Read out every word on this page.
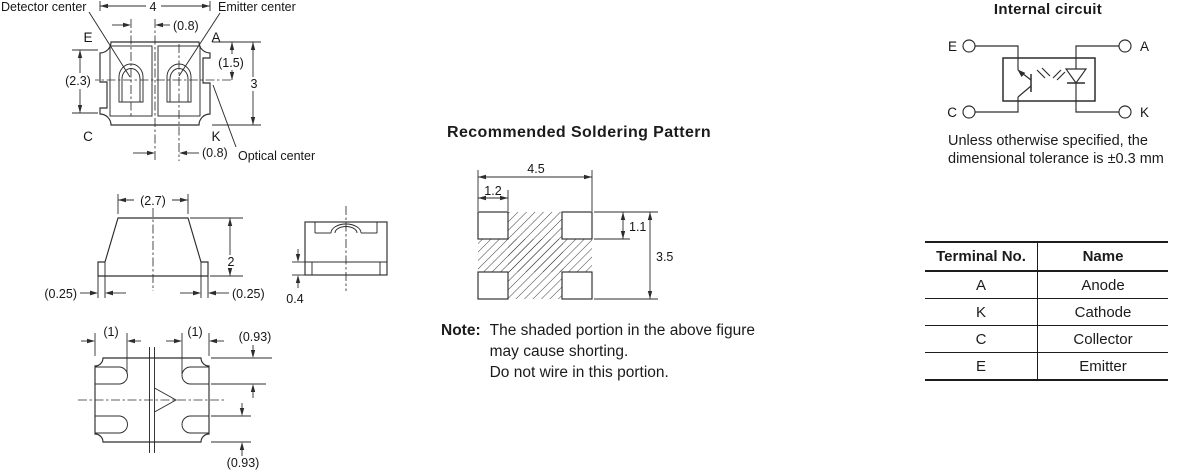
Detector center	Emitter center
E	A
C	K
4
(0.8)
(2.3)
(1.5)
3
(0.8) Optical center
(2.7)
2
(0.25)	(0.25) 0.4
(1)	(1)	(0.93)
(0.93)
4.5
1.2
1.1
3.5
E	A
C	K
Recommended Soldering Pattern
Note: The shaded portion in the above figure
may cause shorting.
Do not wire in this portion.
Internal circuit
Unless otherwise specified, the
dimensional tolerance is ±0.3 mm
Terminal No.	Name
A	Anode
K	Cathode
C	Collector
E	Emitter
